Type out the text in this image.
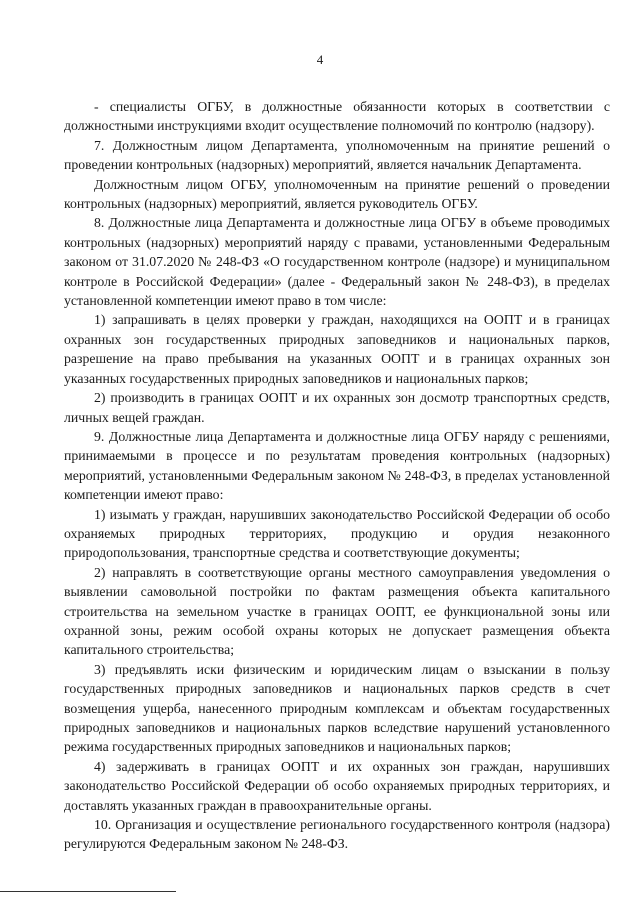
4

- специалисты ОГБУ, в должностные обязанности которых в соответствии с должностными инструкциями входит осуществление полномочий по контролю (надзору).

7. Должностным лицом Департамента, уполномоченным на принятие решений о проведении контрольных (надзорных) мероприятий, является начальник Департамента.

Должностным лицом ОГБУ, уполномоченным на принятие решений о проведении контрольных (надзорных) мероприятий, является руководитель ОГБУ.

8. Должностные лица Департамента и должностные лица ОГБУ в объеме проводимых контрольных (надзорных) мероприятий наряду с правами, установленными Федеральным законом от 31.07.2020 № 248-ФЗ «О государственном контроле (надзоре) и муниципальном контроле в Российской Федерации» (далее - Федеральный закон № 248-ФЗ), в пределах установленной компетенции имеют право в том числе:

1) запрашивать в целях проверки у граждан, находящихся на ООПТ и в границах охранных зон государственных природных заповедников и национальных парков, разрешение на право пребывания на указанных ООПТ и в границах охранных зон указанных государственных природных заповедников и национальных парков;

2) производить в границах ООПТ и их охранных зон досмотр транспортных средств, личных вещей граждан.

9. Должностные лица Департамента и должностные лица ОГБУ наряду с решениями, принимаемыми в процессе и по результатам проведения контрольных (надзорных) мероприятий, установленными Федеральным законом № 248-ФЗ, в пределах установленной компетенции имеют право:

1) изымать у граждан, нарушивших законодательство Российской Федерации об особо охраняемых природных территориях, продукцию и орудия незаконного природопользования, транспортные средства и соответствующие документы;

2) направлять в соответствующие органы местного самоуправления уведомления о выявлении самовольной постройки по фактам размещения объекта капитального строительства на земельном участке в границах ООПТ, ее функциональной зоны или охранной зоны, режим особой охраны которых не допускает размещения объекта капитального строительства;

3) предъявлять иски физическим и юридическим лицам о взыскании в пользу государственных природных заповедников и национальных парков средств в счет возмещения ущерба, нанесенного природным комплексам и объектам государственных природных заповедников и национальных парков вследствие нарушений установленного режима государственных природных заповедников и национальных парков;

4) задерживать в границах ООПТ и их охранных зон граждан, нарушивших законодательство Российской Федерации об особо охраняемых природных территориях, и доставлять указанных граждан в правоохранительные органы.

10. Организация и осуществление регионального государственного контроля (надзора) регулируются Федеральным законом № 248-ФЗ.
